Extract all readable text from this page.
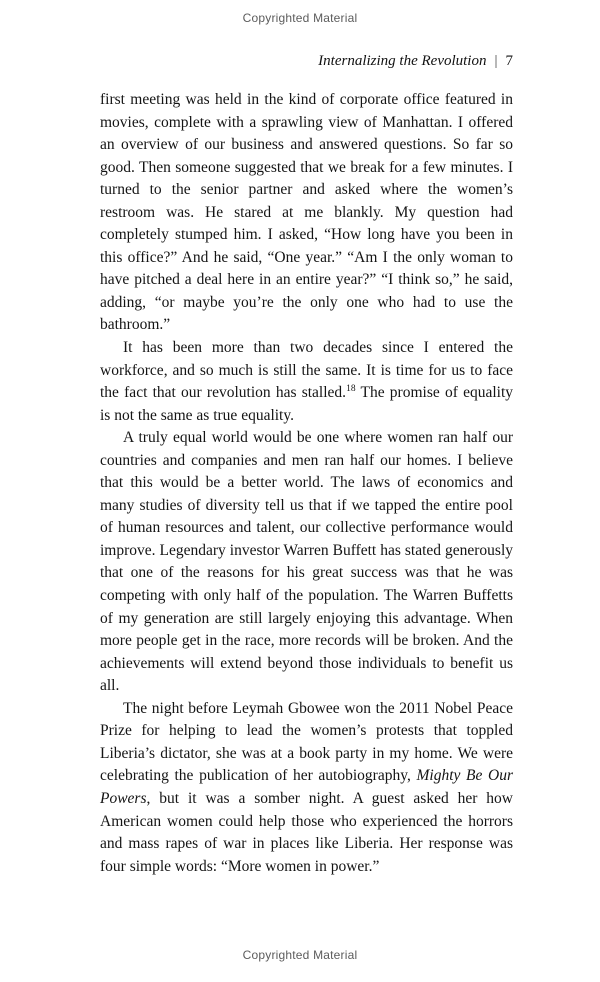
Copyrighted Material
Internalizing the Revolution | 7

first meeting was held in the kind of corporate office featured in movies, complete with a sprawling view of Manhattan. I offered an overview of our business and answered questions. So far so good. Then someone suggested that we break for a few minutes. I turned to the senior partner and asked where the women’s restroom was. He stared at me blankly. My question had completely stumped him. I asked, “How long have you been in this office?” And he said, “One year.” “Am I the only woman to have pitched a deal here in an entire year?” “I think so,” he said, adding, “or maybe you’re the only one who had to use the bathroom.”

It has been more than two decades since I entered the workforce, and so much is still the same. It is time for us to face the fact that our revolution has stalled.$^{18}$ The promise of equality is not the same as true equality.

A truly equal world would be one where women ran half our countries and companies and men ran half our homes. I believe that this would be a better world. The laws of economics and many studies of diversity tell us that if we tapped the entire pool of human resources and talent, our collective performance would improve. Legendary investor Warren Buffett has stated generously that one of the reasons for his great success was that he was competing with only half of the population. The Warren Buffetts of my generation are still largely enjoying this advantage. When more people get in the race, more records will be broken. And the achievements will extend beyond those individuals to benefit us all.

The night before Leymah Gbowee won the 2011 Nobel Peace Prize for helping to lead the women’s protests that toppled Liberia’s dictator, she was at a book party in my home. We were celebrating the publication of her autobiography, Mighty Be Our Powers, but it was a somber night. A guest asked her how American women could help those who experienced the horrors and mass rapes of war in places like Liberia. Her response was four simple words: “More women in power.”

Copyrighted Material
